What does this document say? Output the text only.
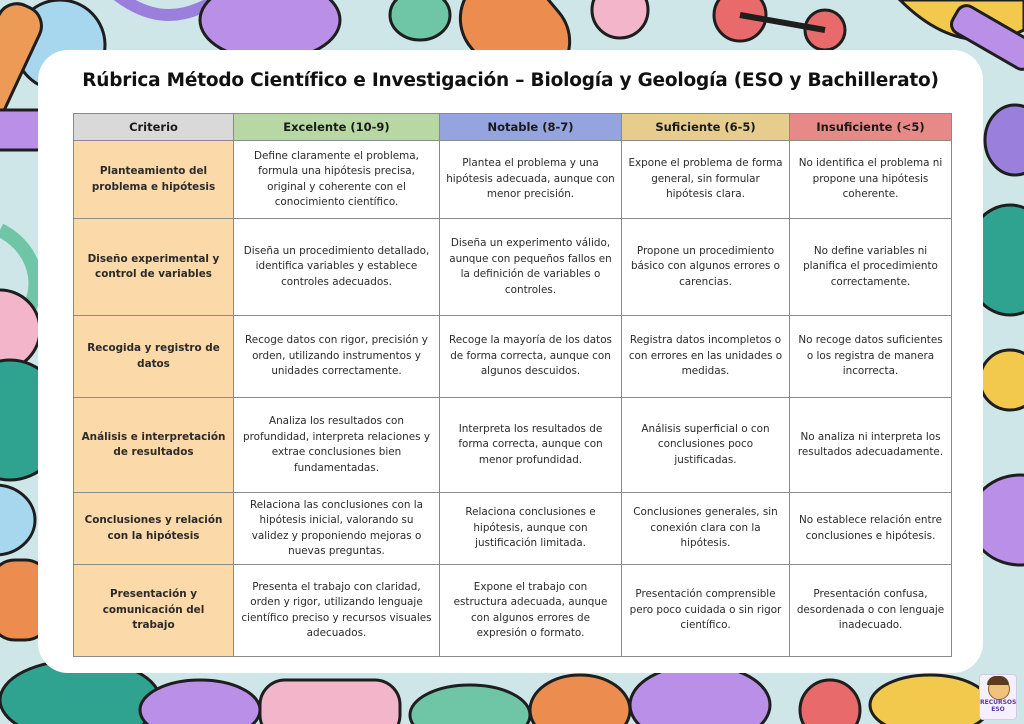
Rúbrica Método Científico e Investigación – Biología y Geología (ESO y Bachillerato)
Criterio	Excelente (10-9)	Notable (8-7)	Suficiente (6-5)	Insuficiente (<5)
Planteamiento del problema e hipótesis	Define claramente el problema, formula una hipótesis precisa, original y coherente con el conocimiento científico.	Plantea el problema y una hipótesis adecuada, aunque con menor precisión.	Expone el problema de forma general, sin formular hipótesis clara.	No identifica el problema ni propone una hipótesis coherente.
Diseño experimental y control de variables	Diseña un procedimiento detallado, identifica variables y establece controles adecuados.	Diseña un experimento válido, aunque con pequeños fallos en la definición de variables o controles.	Propone un procedimiento básico con algunos errores o carencias.	No define variables ni planifica el procedimiento correctamente.
Recogida y registro de datos	Recoge datos con rigor, precisión y orden, utilizando instrumentos y unidades correctamente.	Recoge la mayoría de los datos de forma correcta, aunque con algunos descuidos.	Registra datos incompletos o con errores en las unidades o medidas.	No recoge datos suficientes o los registra de manera incorrecta.
Análisis e interpretación de resultados	Analiza los resultados con profundidad, interpreta relaciones y extrae conclusiones bien fundamentadas.	Interpreta los resultados de forma correcta, aunque con menor profundidad.	Análisis superficial o con conclusiones poco justificadas.	No analiza ni interpreta los resultados adecuadamente.
Conclusiones y relación con la hipótesis	Relaciona las conclusiones con la hipótesis inicial, valorando su validez y proponiendo mejoras o nuevas preguntas.	Relaciona conclusiones e hipótesis, aunque con justificación limitada.	Conclusiones generales, sin conexión clara con la hipótesis.	No establece relación entre conclusiones e hipótesis.
Presentación y comunicación del trabajo	Presenta el trabajo con claridad, orden y rigor, utilizando lenguaje científico preciso y recursos visuales adecuados.	Expone el trabajo con estructura adecuada, aunque con algunos errores de expresión o formato.	Presentación comprensible pero poco cuidada o sin rigor científico.	Presentación confusa, desordenada o con lenguaje inadecuado.
RECURSOS
ESO
